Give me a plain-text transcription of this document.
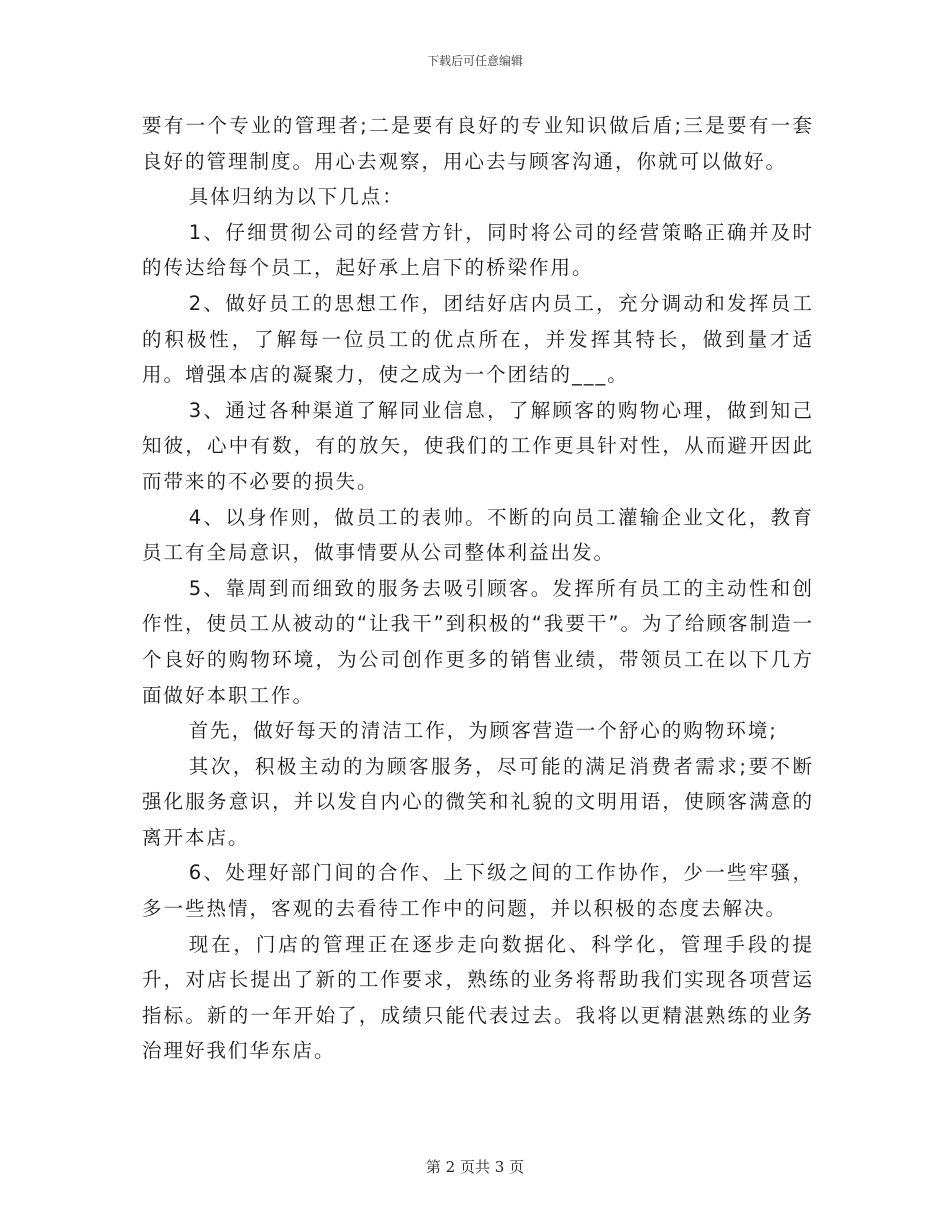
下载后可任意编辑

要有一个专业的管理者;二是要有良好的专业知识做后盾;三是要有一套良好的管理制度。用心去观察，用心去与顾客沟通，你就可以做好。

具体归纳为以下几点：

1、仔细贯彻公司的经营方针，同时将公司的经营策略正确并及时的传达给每个员工，起好承上启下的桥梁作用。

2、做好员工的思想工作，团结好店内员工，充分调动和发挥员工的积极性，了解每一位员工的优点所在，并发挥其特长，做到量才适用。增强本店的凝聚力，使之成为一个团结的___。

3、通过各种渠道了解同业信息，了解顾客的购物心理，做到知己知彼，心中有数，有的放矢，使我们的工作更具针对性，从而避开因此而带来的不必要的损失。

4、以身作则，做员工的表帅。不断的向员工灌输企业文化，教育员工有全局意识，做事情要从公司整体利益出发。

5、靠周到而细致的服务去吸引顾客。发挥所有员工的主动性和创作性，使员工从被动的“让我干”到积极的“我要干”。为了给顾客制造一个良好的购物环境，为公司创作更多的销售业绩，带领员工在以下几方面做好本职工作。

首先，做好每天的清洁工作，为顾客营造一个舒心的购物环境;

其次，积极主动的为顾客服务，尽可能的满足消费者需求;要不断强化服务意识，并以发自内心的微笑和礼貌的文明用语，使顾客满意的离开本店。

6、处理好部门间的合作、上下级之间的工作协作，少一些牢骚，多一些热情，客观的去看待工作中的问题，并以积极的态度去解决。

现在，门店的管理正在逐步走向数据化、科学化，管理手段的提升，对店长提出了新的工作要求，熟练的业务将帮助我们实现各项营运指标。新的一年开始了，成绩只能代表过去。我将以更精湛熟练的业务治理好我们华东店。

第 2 页共 3 页
